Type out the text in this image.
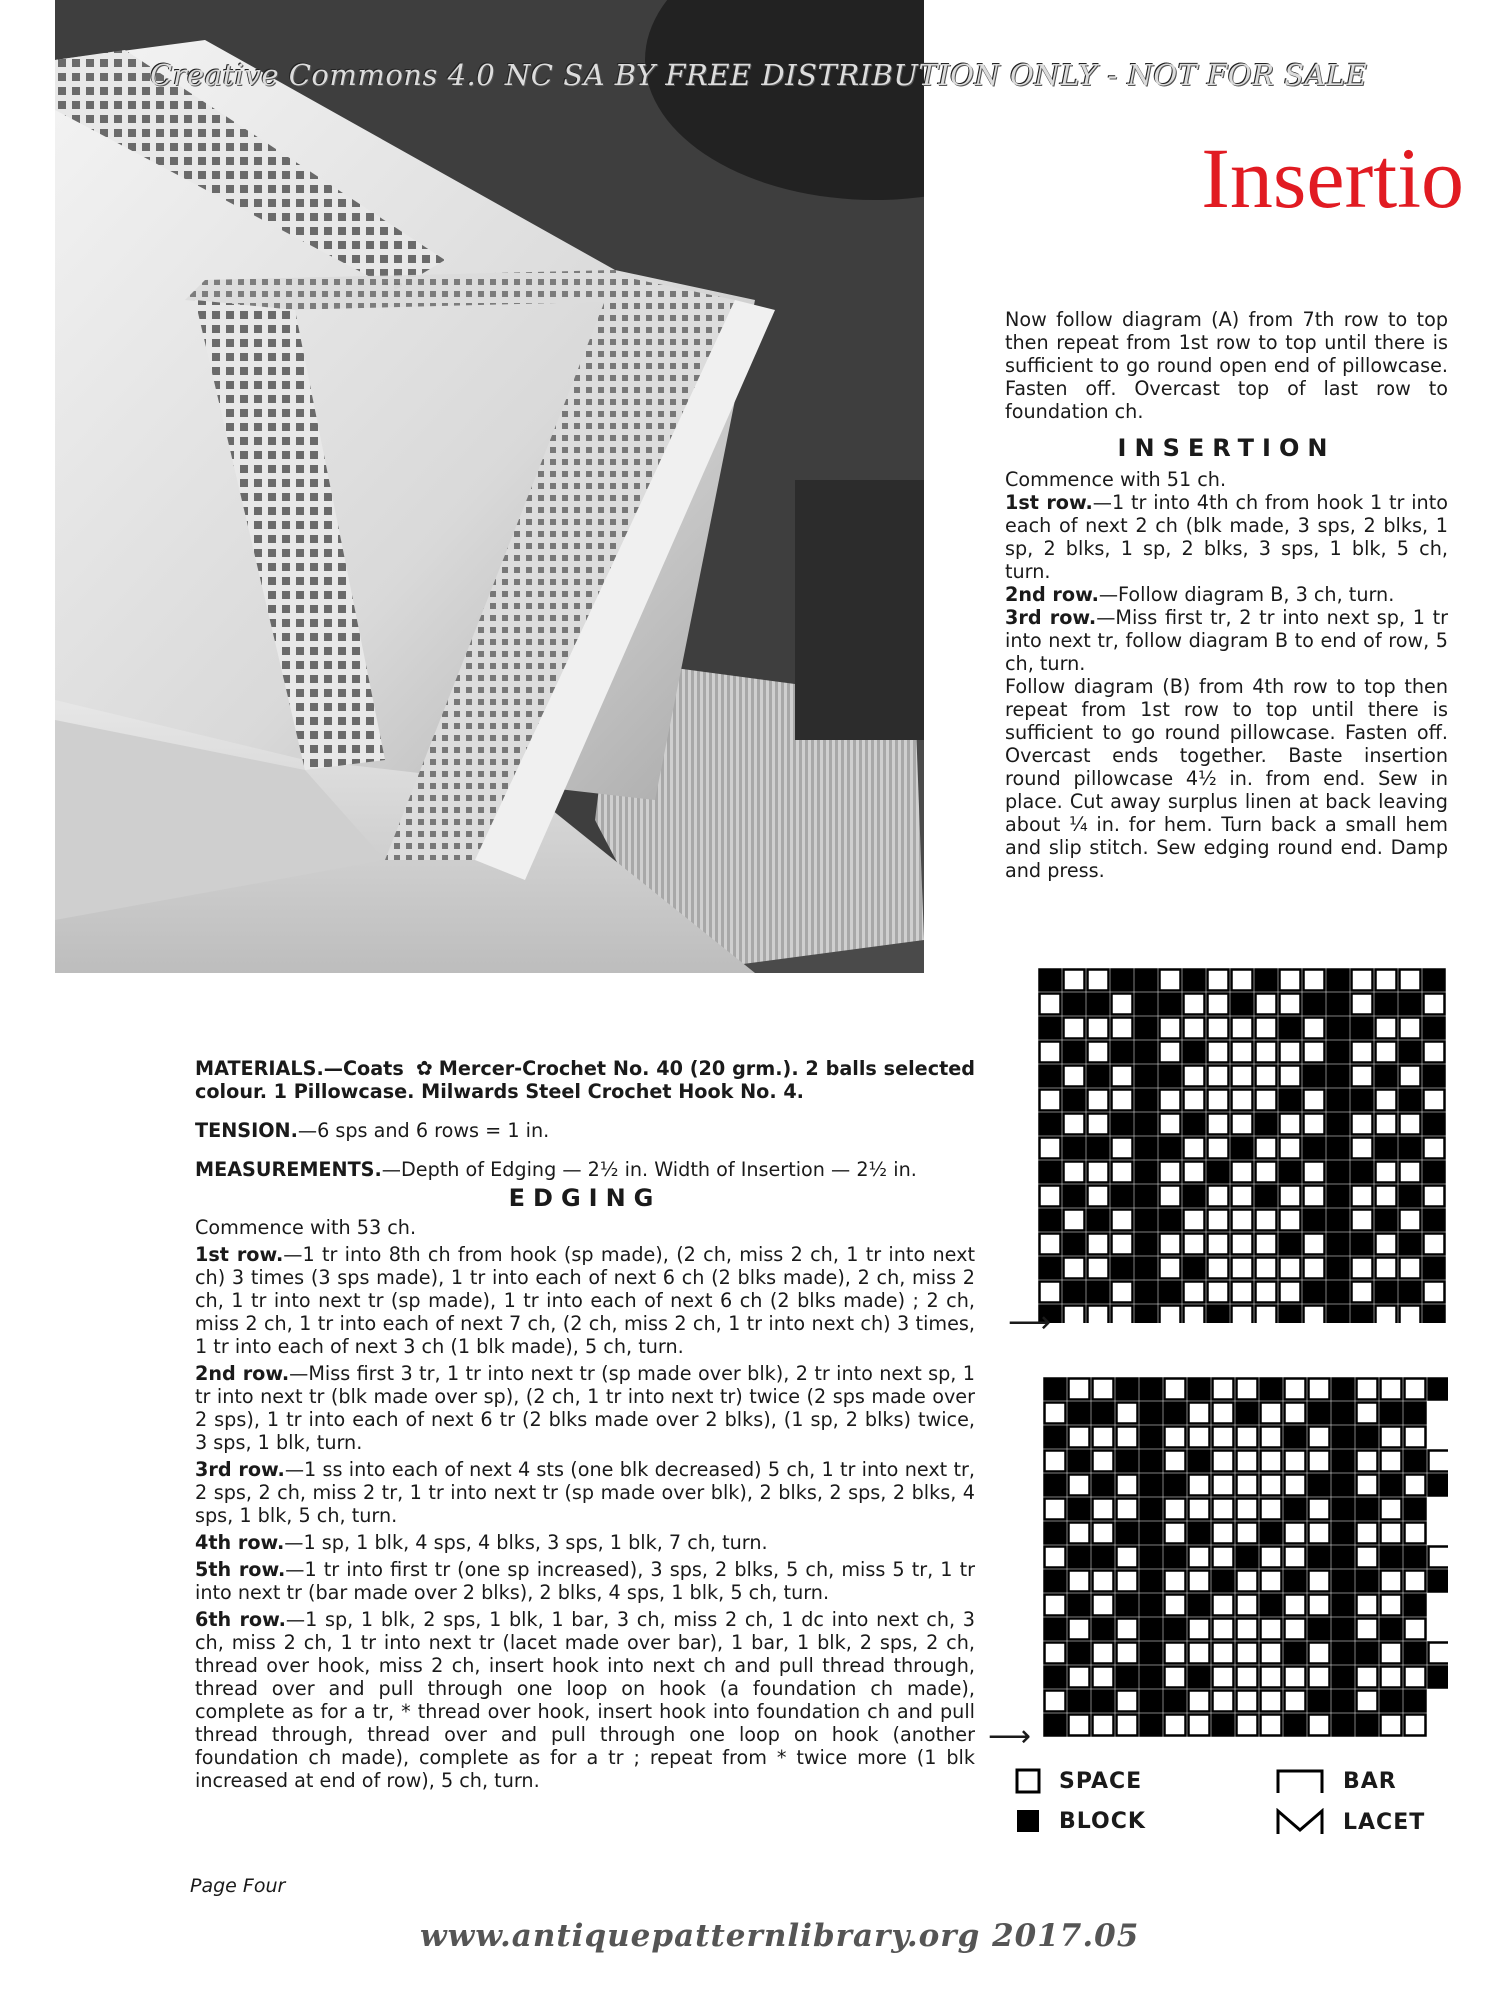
Creative Commons 4.0 NC SA BY FREE DISTRIBUTION ONLY - NOT FOR SALE
Insertio

Now follow diagram (A) from 7th row to top then repeat from 1st row to top until there is sufficient to go round open end of pillowcase. Fasten off. Overcast top of last row to foundation ch.

INSERTION

Commence with 51 ch.

1st row.—1 tr into 4th ch from hook 1 tr into each of next 2 ch (blk made, 3 sps, 2 blks, 1 sp, 2 blks, 1 sp, 2 blks, 3 sps, 1 blk, 5 ch, turn.

2nd row.—Follow diagram B, 3 ch, turn.

3rd row.—Miss first tr, 2 tr into next sp, 1 tr into next tr, follow diagram B to end of row, 5 ch, turn.

Follow diagram (B) from 4th row to top then repeat from 1st row to top until there is sufficient to go round pillowcase. Fasten off. Overcast ends together. Baste insertion round pillowcase 4½ in. from end. Sew in place. Cut away surplus linen at back leaving about ¼ in. for hem. Turn back a small hem and slip stitch. Sew edging round end. Damp and press.

⟶
⟶
SPACE
BLOCK
BAR
LACET

MATERIALS.—Coats ✿ Mercer-Crochet No. 40 (20 grm.). 2 balls selected colour. 1 Pillowcase. Milwards Steel Crochet Hook No. 4.

TENSION.—6 sps and 6 rows = 1 in.

MEASUREMENTS.—Depth of Edging — 2½ in. Width of Insertion — 2½ in.

EDGING

Commence with 53 ch.

1st row.—1 tr into 8th ch from hook (sp made), (2 ch, miss 2 ch, 1 tr into next ch) 3 times (3 sps made), 1 tr into each of next 6 ch (2 blks made), 2 ch, miss 2 ch, 1 tr into next tr (sp made), 1 tr into each of next 6 ch (2 blks made) ; 2 ch, miss 2 ch, 1 tr into each of next 7 ch, (2 ch, miss 2 ch, 1 tr into next ch) 3 times, 1 tr into each of next 3 ch (1 blk made), 5 ch, turn.

2nd row.—Miss first 3 tr, 1 tr into next tr (sp made over blk), 2 tr into next sp, 1 tr into next tr (blk made over sp), (2 ch, 1 tr into next tr) twice (2 sps made over 2 sps), 1 tr into each of next 6 tr (2 blks made over 2 blks), (1 sp, 2 blks) twice, 3 sps, 1 blk, turn.

3rd row.—1 ss into each of next 4 sts (one blk decreased) 5 ch, 1 tr into next tr, 2 sps, 2 ch, miss 2 tr, 1 tr into next tr (sp made over blk), 2 blks, 2 sps, 2 blks, 4 sps, 1 blk, 5 ch, turn.

4th row.—1 sp, 1 blk, 4 sps, 4 blks, 3 sps, 1 blk, 7 ch, turn.

5th row.—1 tr into first tr (one sp increased), 3 sps, 2 blks, 5 ch, miss 5 tr, 1 tr into next tr (bar made over 2 blks), 2 blks, 4 sps, 1 blk, 5 ch, turn.

6th row.—1 sp, 1 blk, 2 sps, 1 blk, 1 bar, 3 ch, miss 2 ch, 1 dc into next ch, 3 ch, miss 2 ch, 1 tr into next tr (lacet made over bar), 1 bar, 1 blk, 2 sps, 2 ch, thread over hook, miss 2 ch, insert hook into next ch and pull thread through, thread over and pull through one loop on hook (a foundation ch made), complete as for a tr, * thread over hook, insert hook into foundation ch and pull thread through, thread over and pull through one loop on hook (another foundation ch made), complete as for a tr ; repeat from * twice more (1 blk increased at end of row), 5 ch, turn.

Page Four
www.antiquepatternlibrary.org 2017.05
